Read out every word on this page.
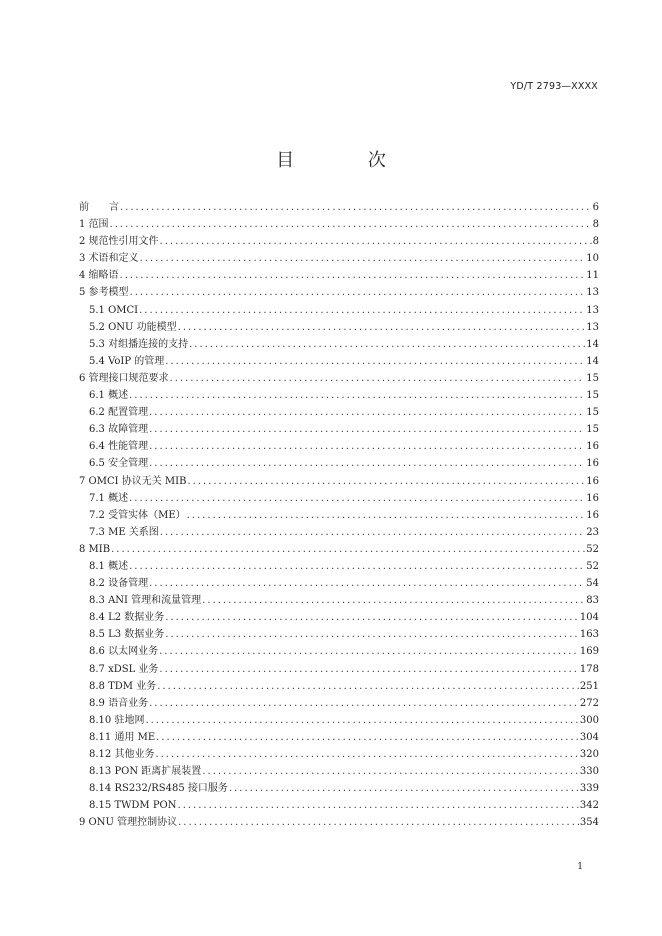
YD/T 2793—XXXX
目 次
前　　言 .....	6
1 范围 .....	8
2 规范性引用文件 .....	8
3 术语和定义 .....	10
4 缩略语 .....	11
5 参考模型 .....	13
5.1 OMCI .....	13
5.2 ONU 功能模型 .....	13
5.3 对组播连接的支持 .....	14
5.4 VoIP 的管理 .....	14
6 管理接口规范要求 .....	15
6.1 概述 .....	15
6.2 配置管理 .....	15
6.3 故障管理 .....	15
6.4 性能管理 .....	16
6.5 安全管理 .....	16
7 OMCI 协议无关 MIB .....	16
7.1 概述 .....	16
7.2 受管实体（ME） .....	16
7.3 ME 关系图 .....	23
8 MIB .....	52
8.1 概述 .....	52
8.2 设备管理 .....	54
8.3 ANI 管理和流量管理 .....	83
8.4 L2 数据业务 .....	104
8.5 L3 数据业务 .....	163
8.6 以太网业务 .....	169
8.7 xDSL 业务 .....	178
8.8 TDM 业务 .....	251
8.9 语音业务 .....	272
8.10 驻地网 .....	300
8.11 通用 ME .....	304
8.12 其他业务 .....	320
8.13 PON 距离扩展装置 .....	330
8.14 RS232/RS485 接口服务 .....	339
8.15 TWDM PON .....	342
9 ONU 管理控制协议 .....	354
1
